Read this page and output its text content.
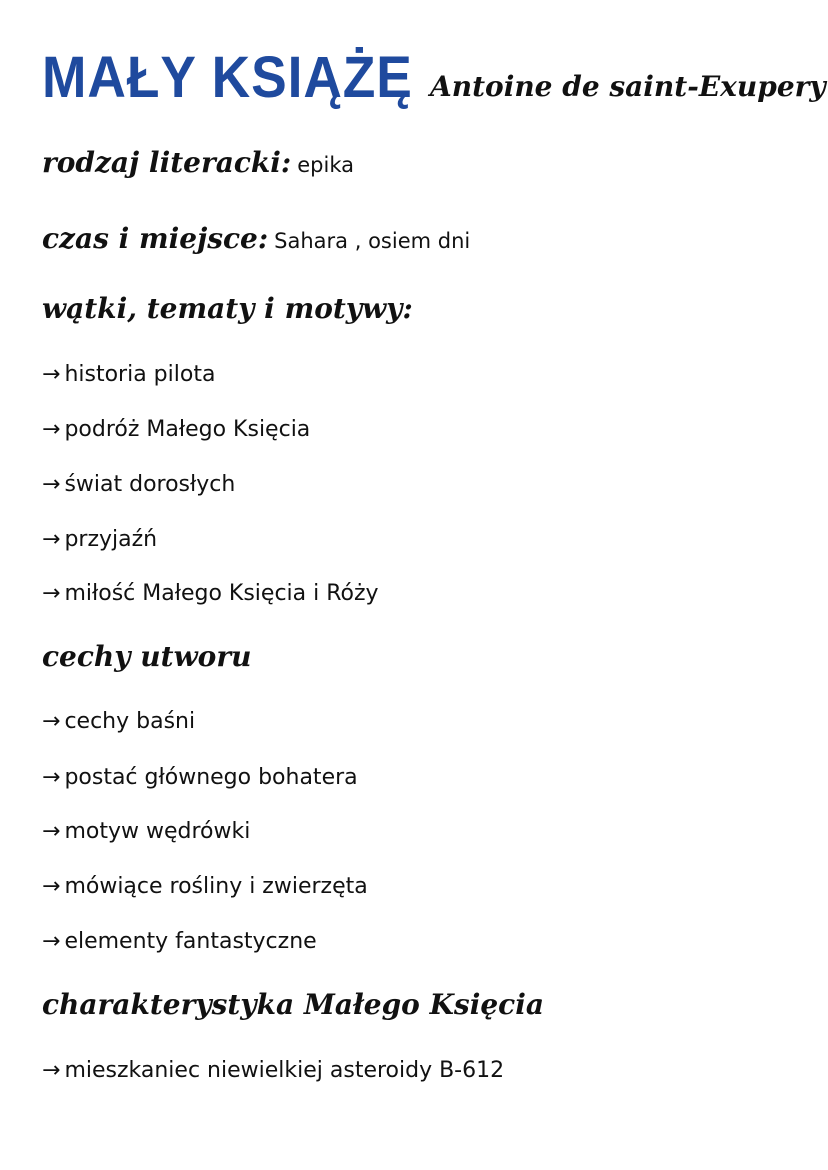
MAŁY KSIĄŻĘ Antoine de saint-Exupery
rodzaj literacki: epika
czas i miejsce: Sahara , osiem dni
wątki, tematy i motywy:
→ historia pilota
→ podróż Małego Księcia
→ świat dorosłych
→ przyjaźń
→ miłość Małego Księcia i Róży
cechy utworu
→ cechy baśni
→ postać głównego bohatera
→ motyw wędrówki
→ mówiące rośliny i zwierzęta
→ elementy fantastyczne
charakterystyka Małego Księcia
→ mieszkaniec niewielkiej asteroidy B-612
